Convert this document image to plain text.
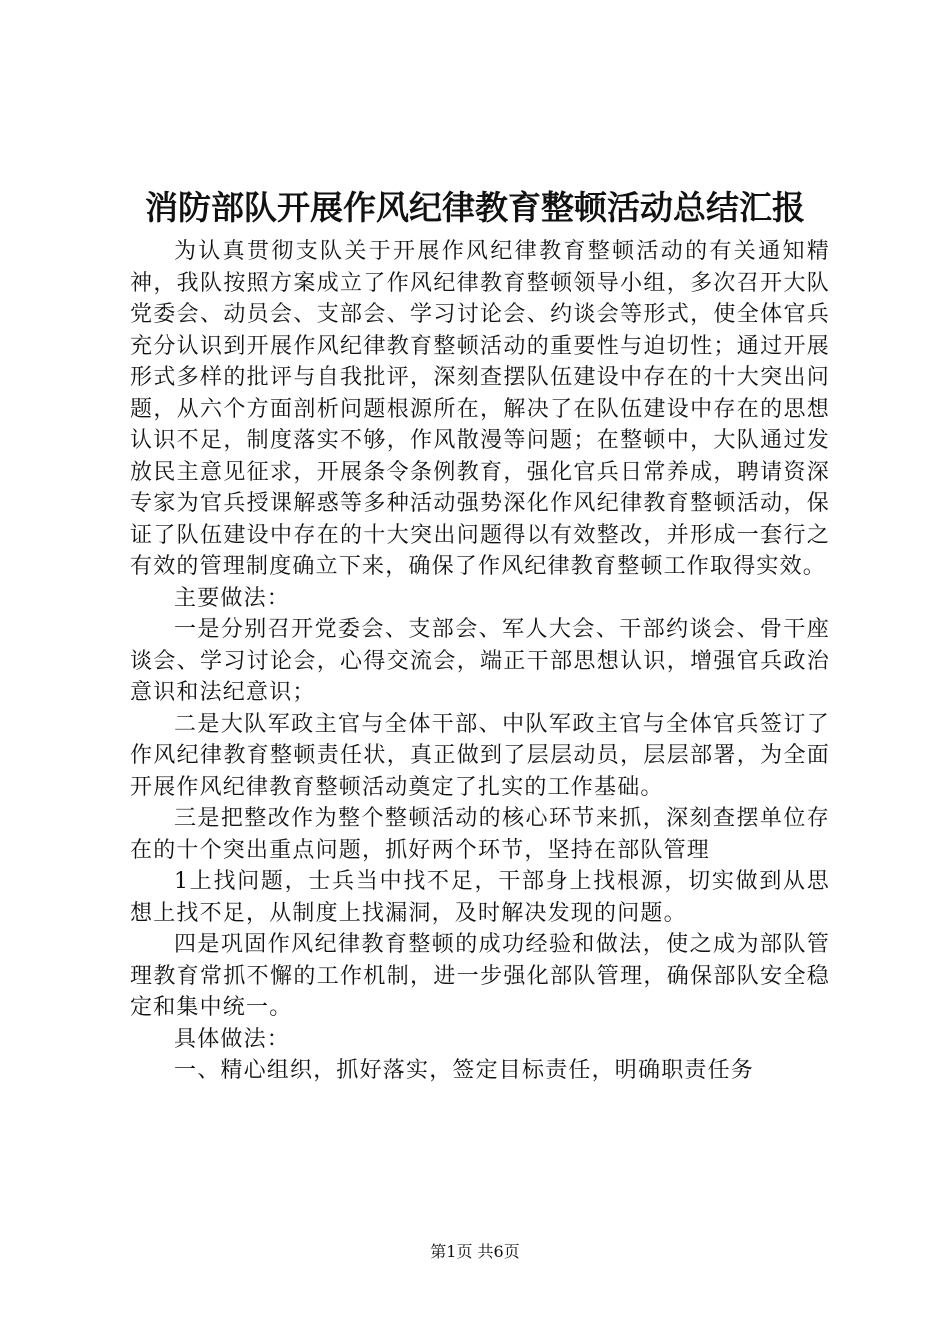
消防部队开展作风纪律教育整顿活动总结汇报

为认真贯彻支队关于开展作风纪律教育整顿活动的有关通知精神，我队按照方案成立了作风纪律教育整顿领导小组，多次召开大队党委会、动员会、支部会、学习讨论会、约谈会等形式，使全体官兵充分认识到开展作风纪律教育整顿活动的重要性与迫切性；通过开展形式多样的批评与自我批评，深刻查摆队伍建设中存在的十大突出问题，从六个方面剖析问题根源所在，解决了在队伍建设中存在的思想认识不足，制度落实不够，作风散漫等问题；在整顿中，大队通过发放民主意见征求，开展条令条例教育，强化官兵日常养成，聘请资深专家为官兵授课解惑等多种活动强势深化作风纪律教育整顿活动，保证了队伍建设中存在的十大突出问题得以有效整改，并形成一套行之有效的管理制度确立下来，确保了作风纪律教育整顿工作取得实效。

主要做法：

一是分别召开党委会、支部会、军人大会、干部约谈会、骨干座谈会、学习讨论会，心得交流会，端正干部思想认识，增强官兵政治意识和法纪意识；

二是大队军政主官与全体干部、中队军政主官与全体官兵签订了作风纪律教育整顿责任状，真正做到了层层动员，层层部署，为全面开展作风纪律教育整顿活动奠定了扎实的工作基础。

三是把整改作为整个整顿活动的核心环节来抓，深刻查摆单位存在的十个突出重点问题，抓好两个环节，坚持在部队管理

1上找问题，士兵当中找不足，干部身上找根源，切实做到从思想上找不足，从制度上找漏洞，及时解决发现的问题。

四是巩固作风纪律教育整顿的成功经验和做法，使之成为部队管理教育常抓不懈的工作机制，进一步强化部队管理，确保部队安全稳定和集中统一。

具体做法：

一、精心组织，抓好落实，签定目标责任，明确职责任务

第1页 共6页
